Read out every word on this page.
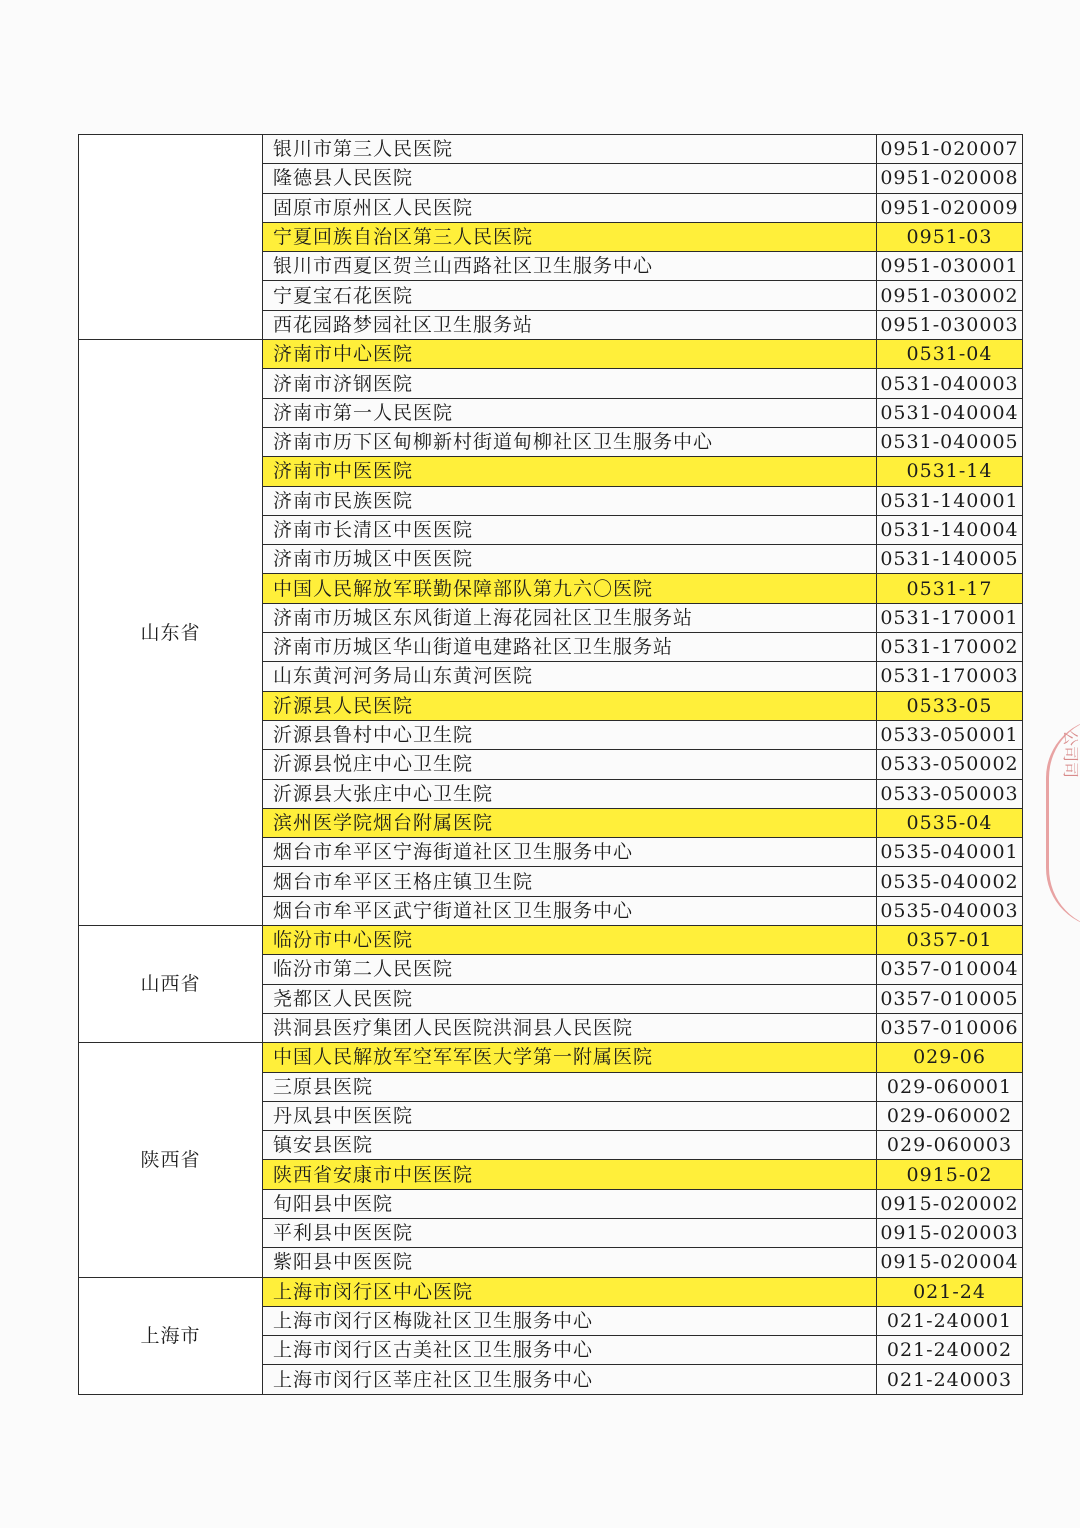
	银川市第三人民医院	0951-020007
	隆德县人民医院	0951-020008
	固原市原州区人民医院	0951-020009
	宁夏回族自治区第三人民医院	0951-03
	银川市西夏区贺兰山西路社区卫生服务中心	0951-030001
	宁夏宝石花医院	0951-030002
	西花园路梦园社区卫生服务站	0951-030003
山东省	济南市中心医院	0531-04
	济南市济钢医院	0531-040003
	济南市第一人民医院	0531-040004
	济南市历下区甸柳新村街道甸柳社区卫生服务中心	0531-040005
	济南市中医医院	0531-14
	济南市民族医院	0531-140001
	济南市长清区中医医院	0531-140004
	济南市历城区中医医院	0531-140005
	中国人民解放军联勤保障部队第九六〇医院	0531-17
	济南市历城区东风街道上海花园社区卫生服务站	0531-170001
	济南市历城区华山街道电建路社区卫生服务站	0531-170002
	山东黄河河务局山东黄河医院	0531-170003
	沂源县人民医院	0533-05
	沂源县鲁村中心卫生院	0533-050001
	沂源县悦庄中心卫生院	0533-050002
	沂源县大张庄中心卫生院	0533-050003
	滨州医学院烟台附属医院	0535-04
	烟台市牟平区宁海街道社区卫生服务中心	0535-040001
	烟台市牟平区王格庄镇卫生院	0535-040002
	烟台市牟平区武宁街道社区卫生服务中心	0535-040003
山西省	临汾市中心医院	0357-01
	临汾市第二人民医院	0357-010004
	尧都区人民医院	0357-010005
	洪洞县医疗集团人民医院洪洞县人民医院	0357-010006
陕西省	中国人民解放军空军军医大学第一附属医院	029-06
	三原县医院	029-060001
	丹凤县中医医院	029-060002
	镇安县医院	029-060003
	陕西省安康市中医医院	0915-02
	旬阳县中医院	0915-020002
	平利县中医医院	0915-020003
	紫阳县中医医院	0915-020004
上海市	上海市闵行区中心医院	021-24
	上海市闵行区梅陇社区卫生服务中心	021-240001
	上海市闵行区古美社区卫生服务中心	021-240002
	上海市闵行区莘庄社区卫生服务中心	021-240003
公司司
